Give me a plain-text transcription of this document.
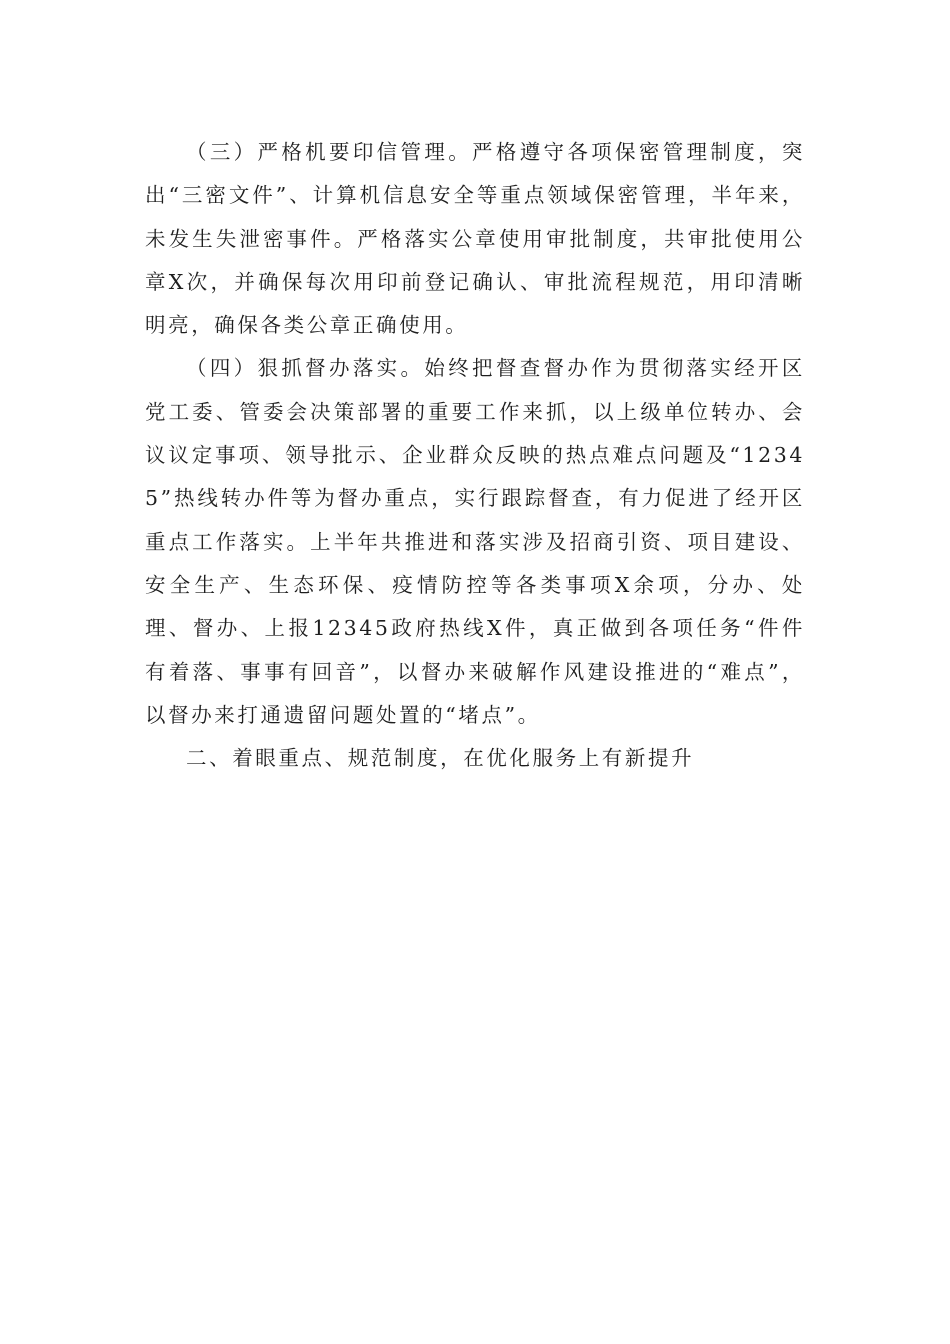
（三）严格机要印信管理。严格遵守各项保密管理制度，突出“三密文件”、计算机信息安全等重点领域保密管理，半年来，未发生失泄密事件。严格落实公章使用审批制度，共审批使用公章X次，并确保每次用印前登记确认、审批流程规范，用印清晰明亮，确保各类公章正确使用。

（四）狠抓督办落实。始终把督查督办作为贯彻落实经开区党工委、管委会决策部署的重要工作来抓，以上级单位转办、会议议定事项、领导批示、企业群众反映的热点难点问题及“12345”热线转办件等为督办重点，实行跟踪督查，有力促进了经开区重点工作落实。上半年共推进和落实涉及招商引资、项目建设、安全生产、生态环保、疫情防控等各类事项X余项，分办、处理、督办、上报12345政府热线X件，真正做到各项任务“件件有着落、事事有回音”，以督办来破解作风建设推进的“难点”，以督办来打通遗留问题处置的“堵点”。

二、着眼重点、规范制度，在优化服务上有新提升
